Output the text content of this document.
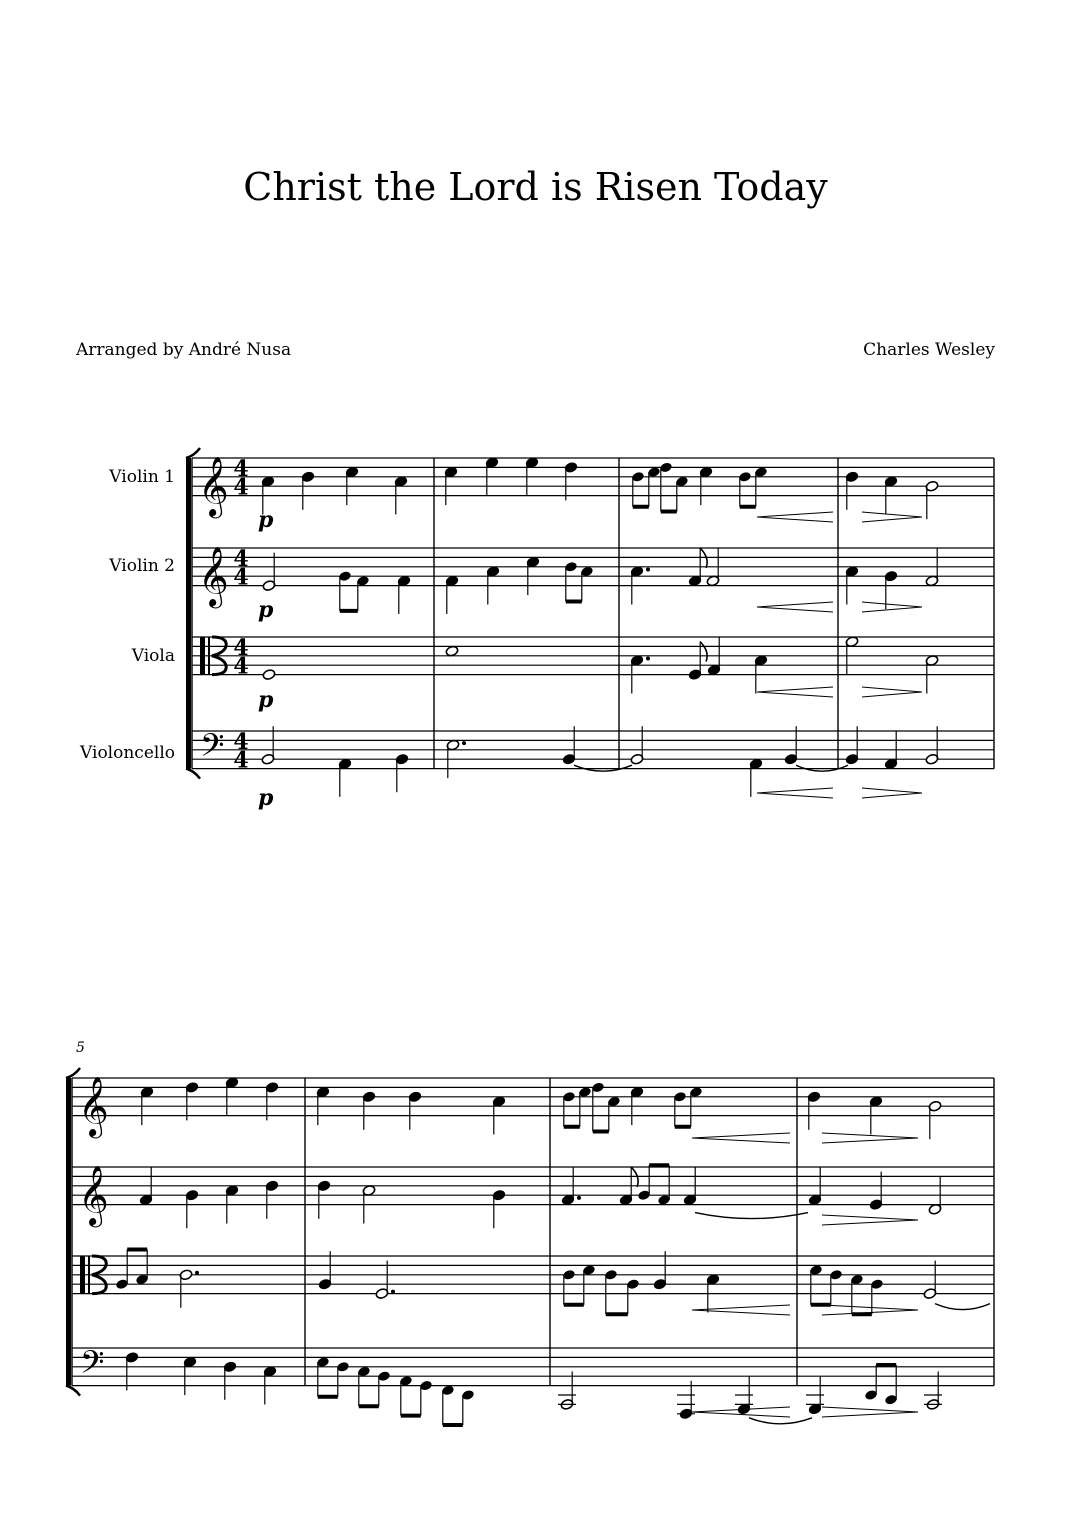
Christ the Lord is Risen Today
Arranged by André Nusa	Charles Wesley
Violin 1
Violin 2
Viola
Violoncello
5
𝄞
𝄞
𝄢
4
4
4
4
4
4
4
4
p
p
p
p
𝄞
𝄞
𝄢
